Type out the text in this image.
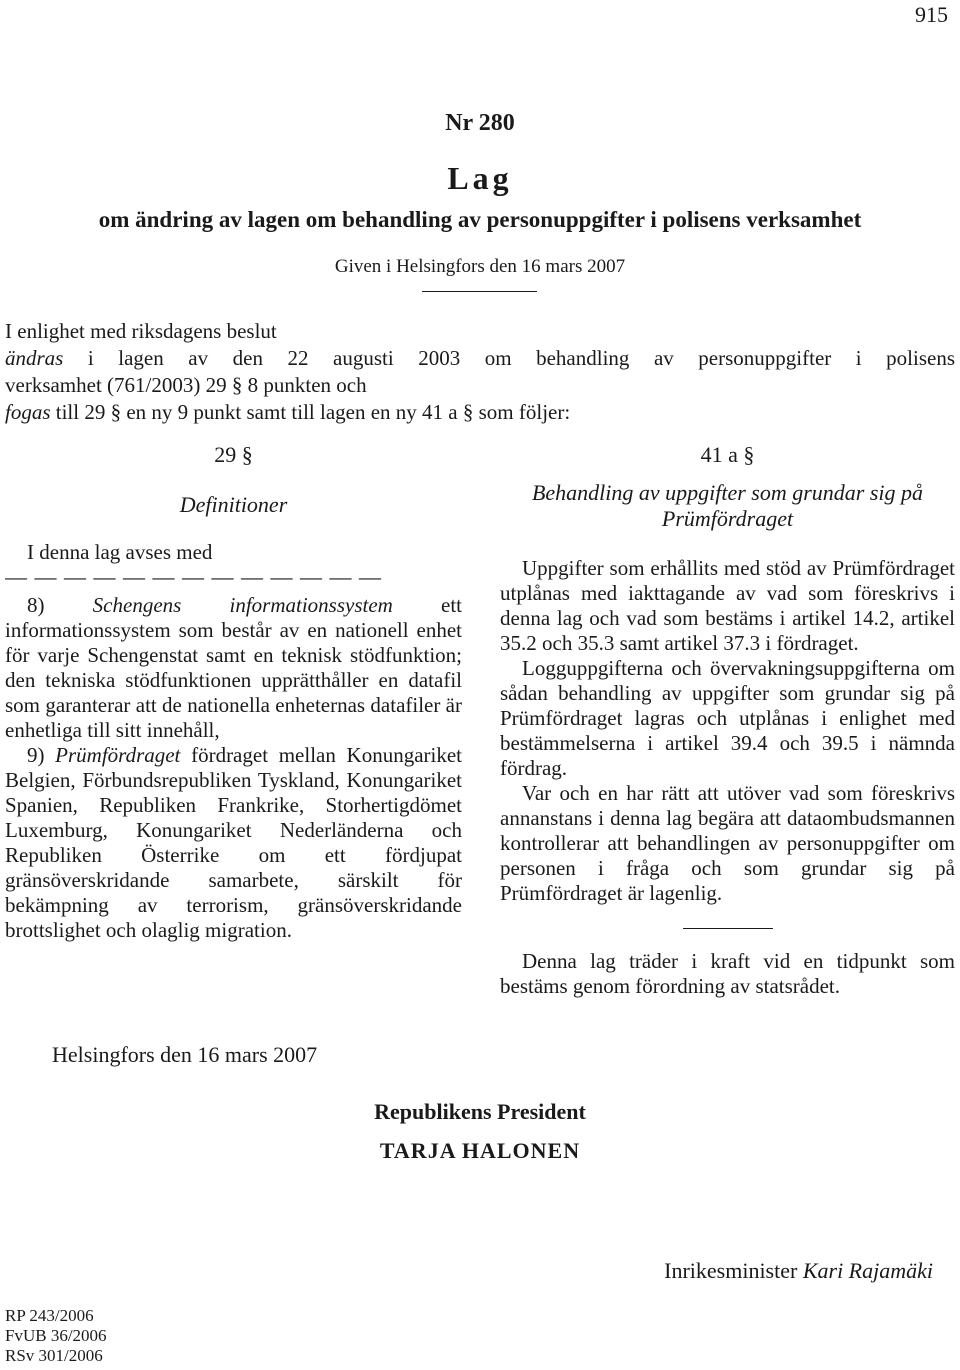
915
Nr 280
Lag
om ändring av lagen om behandling av personuppgifter i polisens verksamhet
Given i Helsingfors den 16 mars 2007
I enlighet med riksdagens beslut
ändras i lagen av den 22 augusti 2003 om behandling av personuppgifter i polisens
verksamhet (761/2003) 29 § 8 punkten och
fogas till 29 § en ny 9 punkt samt till lagen en ny 41 a § som följer:
29 §
Definitioner

I denna lag avses med

— — — — — — — — — — — — —

8) Schengens informationssystem ett informationssystem som består av en nationell enhet för varje Schengenstat samt en teknisk stödfunktion; den tekniska stödfunktionen upprätthåller en datafil som garanterar att de nationella enheternas datafiler är enhetliga till sitt innehåll,

9) Prümfördraget fördraget mellan Konungariket Belgien, Förbundsrepubliken Tyskland, Konungariket Spanien, Republiken Frankrike, Storhertigdömet Luxemburg, Konungariket Nederländerna och Republiken Österrike om ett fördjupat gränsöverskridande samarbete, särskilt för bekämpning av terrorism, gränsöverskridande brottslighet och olaglig migration.

41 a §
Behandling av uppgifter som grundar sig på Prümfördraget

Uppgifter som erhållits med stöd av Prümfördraget utplånas med iakttagande av vad som föreskrivs i denna lag och vad som bestäms i artikel 14.2, artikel 35.2 och 35.3 samt artikel 37.3 i fördraget.

Logguppgifterna och övervakningsuppgifterna om sådan behandling av uppgifter som grundar sig på Prümfördraget lagras och utplånas i enlighet med bestämmelserna i artikel 39.4 och 39.5 i nämnda fördrag.

Var och en har rätt att utöver vad som föreskrivs annanstans i denna lag begära att dataombudsmannen kontrollerar att behandlingen av personuppgifter om personen i fråga och som grundar sig på Prümfördraget är lagenlig.

Denna lag träder i kraft vid en tidpunkt som bestäms genom förordning av statsrådet.

Helsingfors den 16 mars 2007
Republikens President
TARJA HALONEN
Inrikesminister Kari Rajamäki
RP 243/2006
FvUB 36/2006
RSv 301/2006
